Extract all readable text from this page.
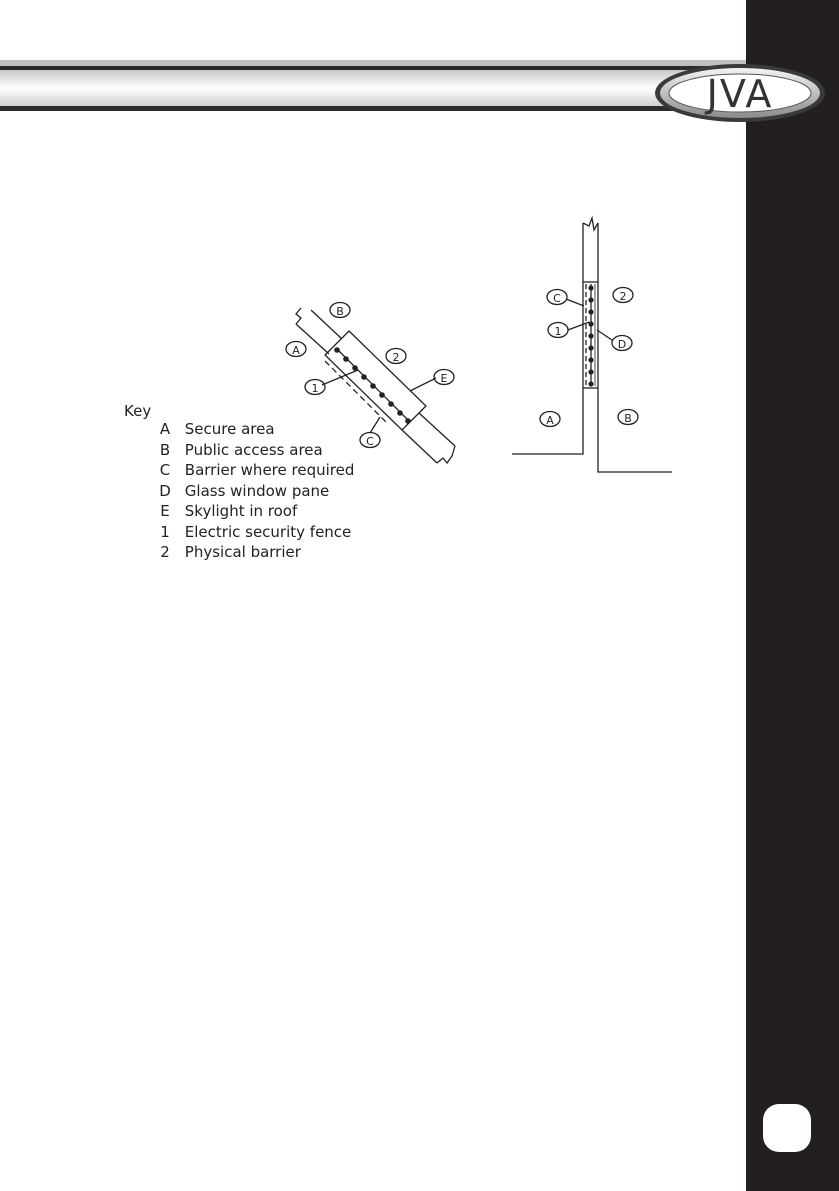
JVA
B
A
2
E
1
C
C	2
1
D
A	B
Key
A Secure area
B Public access area
C Barrier where required
D Glass window pane
E Skylight in roof
1 Electric security fence
2 Physical barrier
